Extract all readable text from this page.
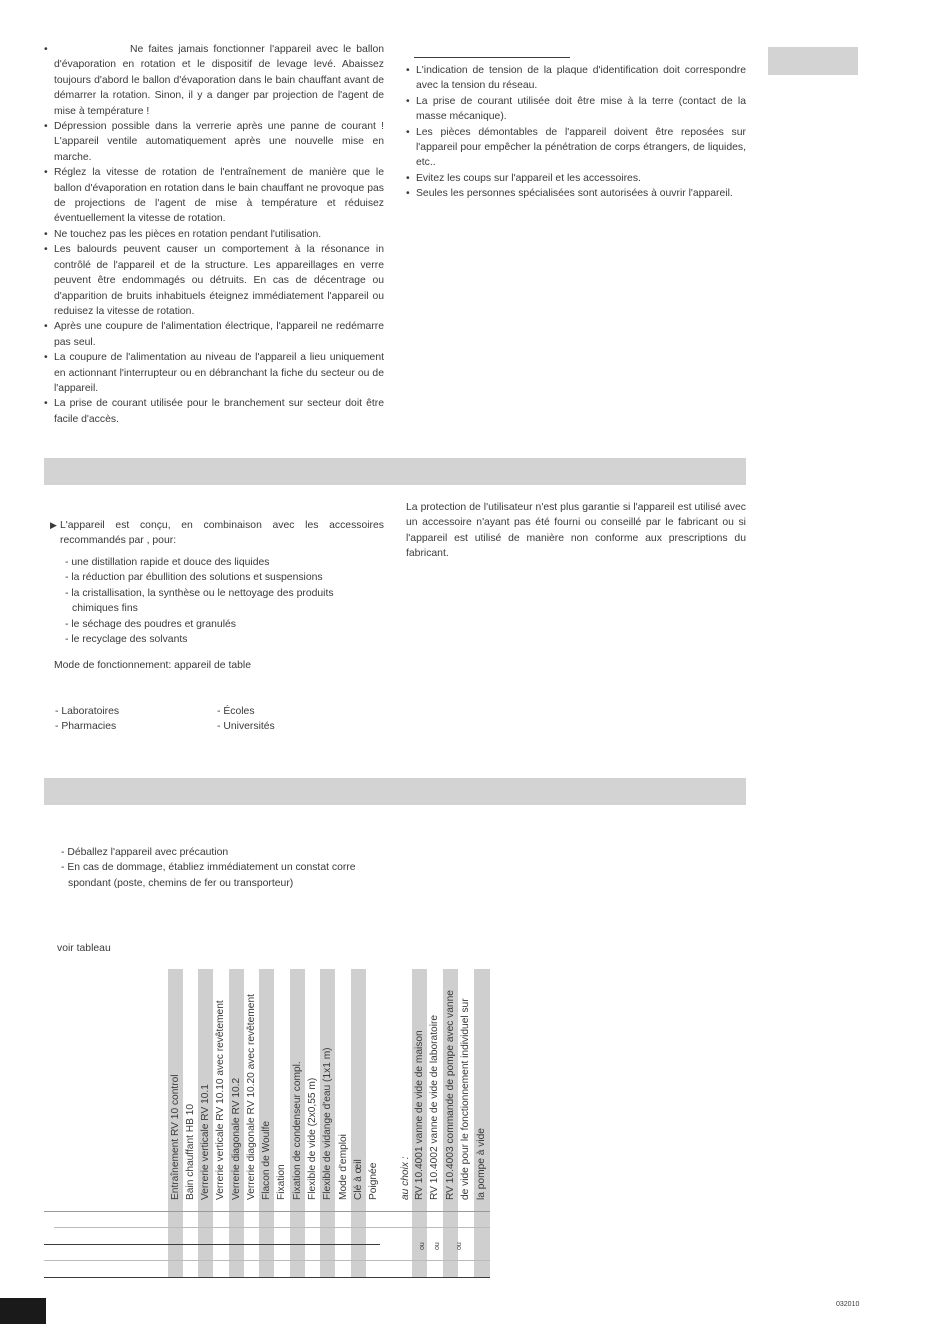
• Ne faites jamais fonctionner l'appareil avec le ballon d'évaporation en rotation et le dispositif de levage levé. Abaissez toujours d'abord le ballon d'évaporation dans le bain chauffant avant de démarrer la rotation. Sinon, il y a danger par projection de l'agent de mise à température !

• Dépression possible dans la verrerie après une panne de courant ! L'appareil ventile automatiquement après une nouvelle mise en marche.

• Réglez la vitesse de rotation de l'entraînement de manière que le ballon d'évaporation en rotation dans le bain chauffant ne provoque pas de projections de l'agent de mise à température et réduisez éventuellement la vitesse de rotation.

• Ne touchez pas les pièces en rotation pendant l'utilisation.

• Les balourds peuvent causer un comportement à la résonance in contrôlé de l'appareil et de la structure. Les appareillages en verre peuvent être endommagés ou détruits. En cas de décentrage ou d'apparition de bruits inhabituels éteignez immédiatement l'appareil ou reduisez la vitesse de rotation.

• Après une coupure de l'alimentation électrique, l'appareil ne redémarre pas seul.

• La coupure de l'alimentation au niveau de l'appareil a lieu uniquement en actionnant l'interrupteur ou en débranchant la fiche du secteur ou de l'appareil.

• La prise de courant utilisée pour le branchement sur secteur doit être facile d'accès.

• L'indication de tension de la plaque d'identification doit correspondre avec la tension du réseau.

• La prise de courant utilisée doit être mise à la terre (contact de la masse mécanique).

• Les pièces démontables de l'appareil doivent être reposées sur l'appareil pour empêcher la pénétration de corps étrangers, de liquides, etc..

• Evitez les coups sur l'appareil et les accessoires.

• Seules les personnes spécialisées sont autorisées à ouvrir l'appareil.

▶ L'appareil est conçu, en combinaison avec les accessoires recommandés par , pour:

- une distillation rapide et douce des liquides

- la réduction par ébullition des solutions et suspensions

- la cristallisation, la synthèse ou le nettoyage des produits chimiques fins

- le séchage des poudres et granulés

- le recyclage des solvants

Mode de fonctionnement: appareil de table
- Laboratoires
- Pharmacies
- Écoles
- Universités
La protection de l'utilisateur n'est plus garantie si l'appareil est utilisé avec un accessoire n'ayant pas été fourni ou conseillé par le fabricant ou si l'appareil est utilisé de manière non conforme aux prescriptions du fabricant.

- Déballez l'appareil avec précaution

- En cas de dommage, établiez immédiatement un constat corre spondant (poste, chemins de fer ou transporteur)

voir tableau
Entraînement RV 10 control Bain chauffant HB 10 Verrerie verticale RV 10.1 Verrerie verticale RV 10.10 avec revêtement Verrerie diagonale RV 10.2 Verrerie diagonale RV 10.20 avec revêtement Flacon de Woulfe Fixation Fixation de condenseur compl. Flexible de vide (2x0,55 m) Flexible de vidange d'eau (1x1 m) Mode d'emploi Clé à œil Poignée au choix : RV 10.4001 vanne de vide de maison RV 10.4002 vanne de vide de laboratoire RV 10.4003 commande de pompe avec vanne de vide pour le fonctionnement individuel sur la pompe à vide
ou	ou	ou
032010
